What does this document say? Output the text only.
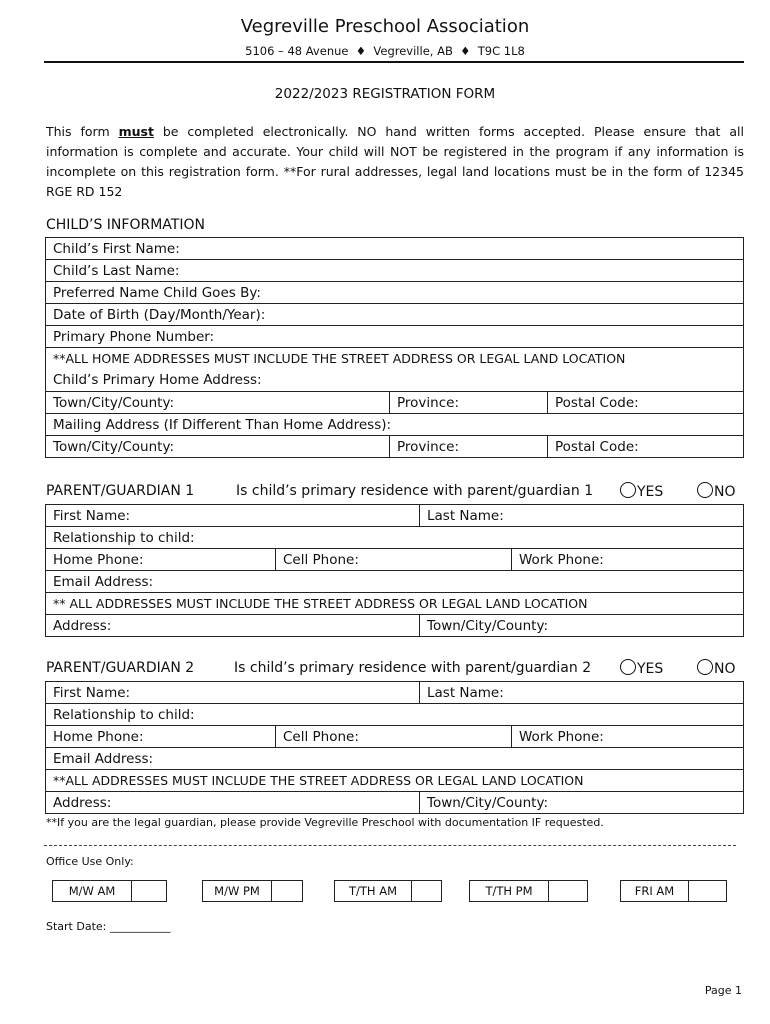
Vegreville Preschool Association
5106 – 48 Avenue ♦ Vegreville, AB ♦ T9C 1L8
2022/2023 REGISTRATION FORM
This form must be completed electronically. NO hand written forms accepted. Please ensure that all
information is complete and accurate. Your child will NOT be registered in the program if any information is
incomplete on this registration form. **For rural addresses, legal land locations must be in the form of 12345
RGE RD 152
CHILD’S INFORMATION
Child’s First Name:		
Child’s Last Name:		
Preferred Name Child Goes By:		
Date of Birth (Day/Month/Year):		
Primary Phone Number:		
**ALL HOME ADDRESSES MUST INCLUDE THE STREET ADDRESS OR LEGAL LAND LOCATION
Child’s Primary Home Address:		
Town/City/County:	Province:	Postal Code:
Mailing Address (If Different Than Home Address):		
Town/City/County:	Province:	Postal Code:
PARENT/GUARDIAN 1	Is child’s primary residence with parent/guardian 1	YES	NO
First Name:		Last Name:	
Relationship to child:			
Home Phone:	Cell Phone:		Work Phone:
Email Address:			
** ALL ADDRESSES MUST INCLUDE THE STREET ADDRESS OR LEGAL LAND LOCATION			
Address:		Town/City/County:	
PARENT/GUARDIAN 2	Is child’s primary residence with parent/guardian 2	YES	NO
First Name:		Last Name:	
Relationship to child:			
Home Phone:	Cell Phone:		Work Phone:
Email Address:			
**ALL ADDRESSES MUST INCLUDE THE STREET ADDRESS OR LEGAL LAND LOCATION			
Address:		Town/City/County:	
**If you are the legal guardian, please provide Vegreville Preschool with documentation IF requested.
Office Use Only:
M/W AM	M/W PM	T/TH AM	T/TH PM	FRI AM
Start Date: ___________
Page 1
